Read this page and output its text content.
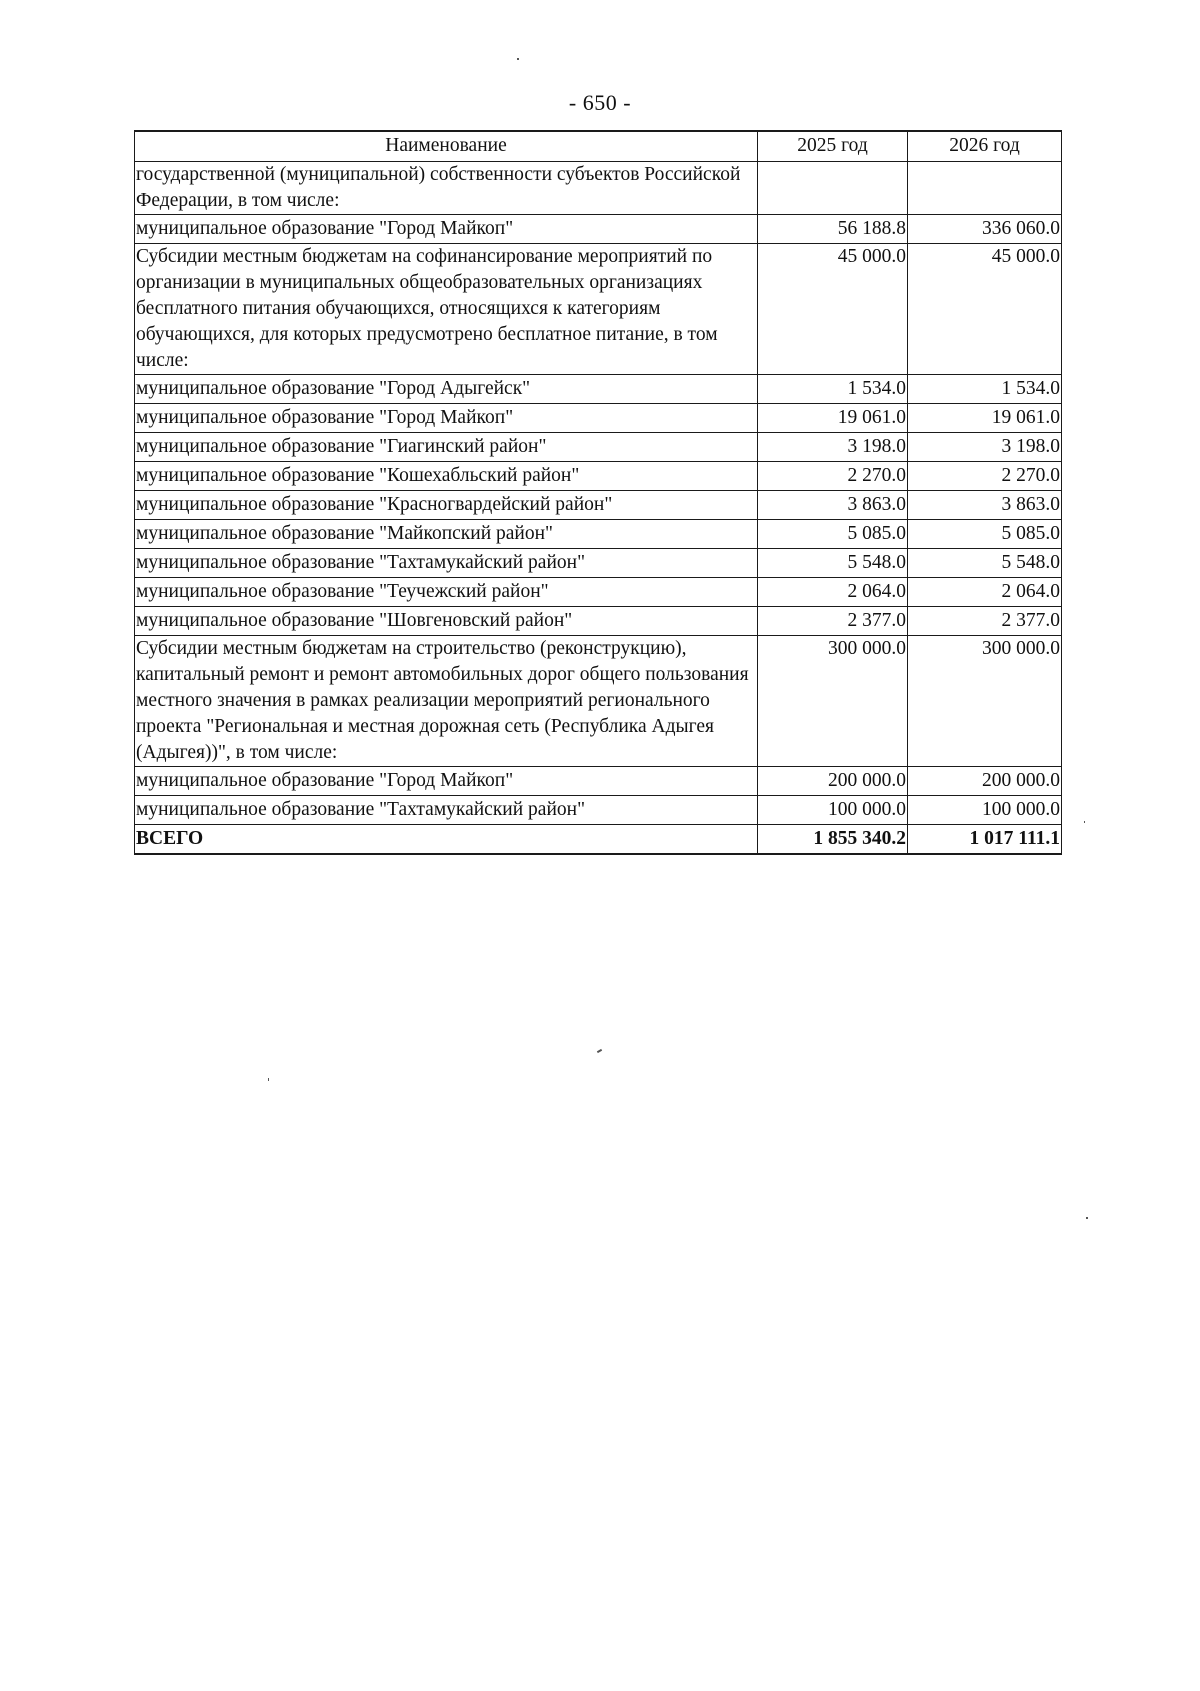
- 650 -
Наименование	2025 год	2026 год
государственной (муниципальной) собственности субъектов Российской Федерации, в том числе:		
муниципальное образование "Город Майкоп"	56 188.8	336 060.0
Субсидии местным бюджетам на софинансирование мероприятий по организации в муниципальных общеобразовательных организациях бесплатного питания обучающихся, относящихся к категориям обучающихся, для которых предусмотрено бесплатное питание, в том числе:	45 000.0	45 000.0
муниципальное образование "Город Адыгейск"	1 534.0	1 534.0
муниципальное образование "Город Майкоп"	19 061.0	19 061.0
муниципальное образование "Гиагинский район"	3 198.0	3 198.0
муниципальное образование "Кошехабльский район"	2 270.0	2 270.0
муниципальное образование "Красногвардейский район"	3 863.0	3 863.0
муниципальное образование "Майкопский район"	5 085.0	5 085.0
муниципальное образование "Тахтамукайский район"	5 548.0	5 548.0
муниципальное образование "Теучежский район"	2 064.0	2 064.0
муниципальное образование "Шовгеновский район"	2 377.0	2 377.0
Субсидии местным бюджетам на строительство (реконструкцию), капитальный ремонт и ремонт автомобильных дорог общего пользования местного значения в рамках реализации мероприятий регионального проекта "Региональная и местная дорожная сеть (Республика Адыгея (Адыгея))", в том числе:	300 000.0	300 000.0
муниципальное образование "Город Майкоп"	200 000.0	200 000.0
муниципальное образование "Тахтамукайский район"	100 000.0	100 000.0
ВСЕГО	1 855 340.2	1 017 111.1
